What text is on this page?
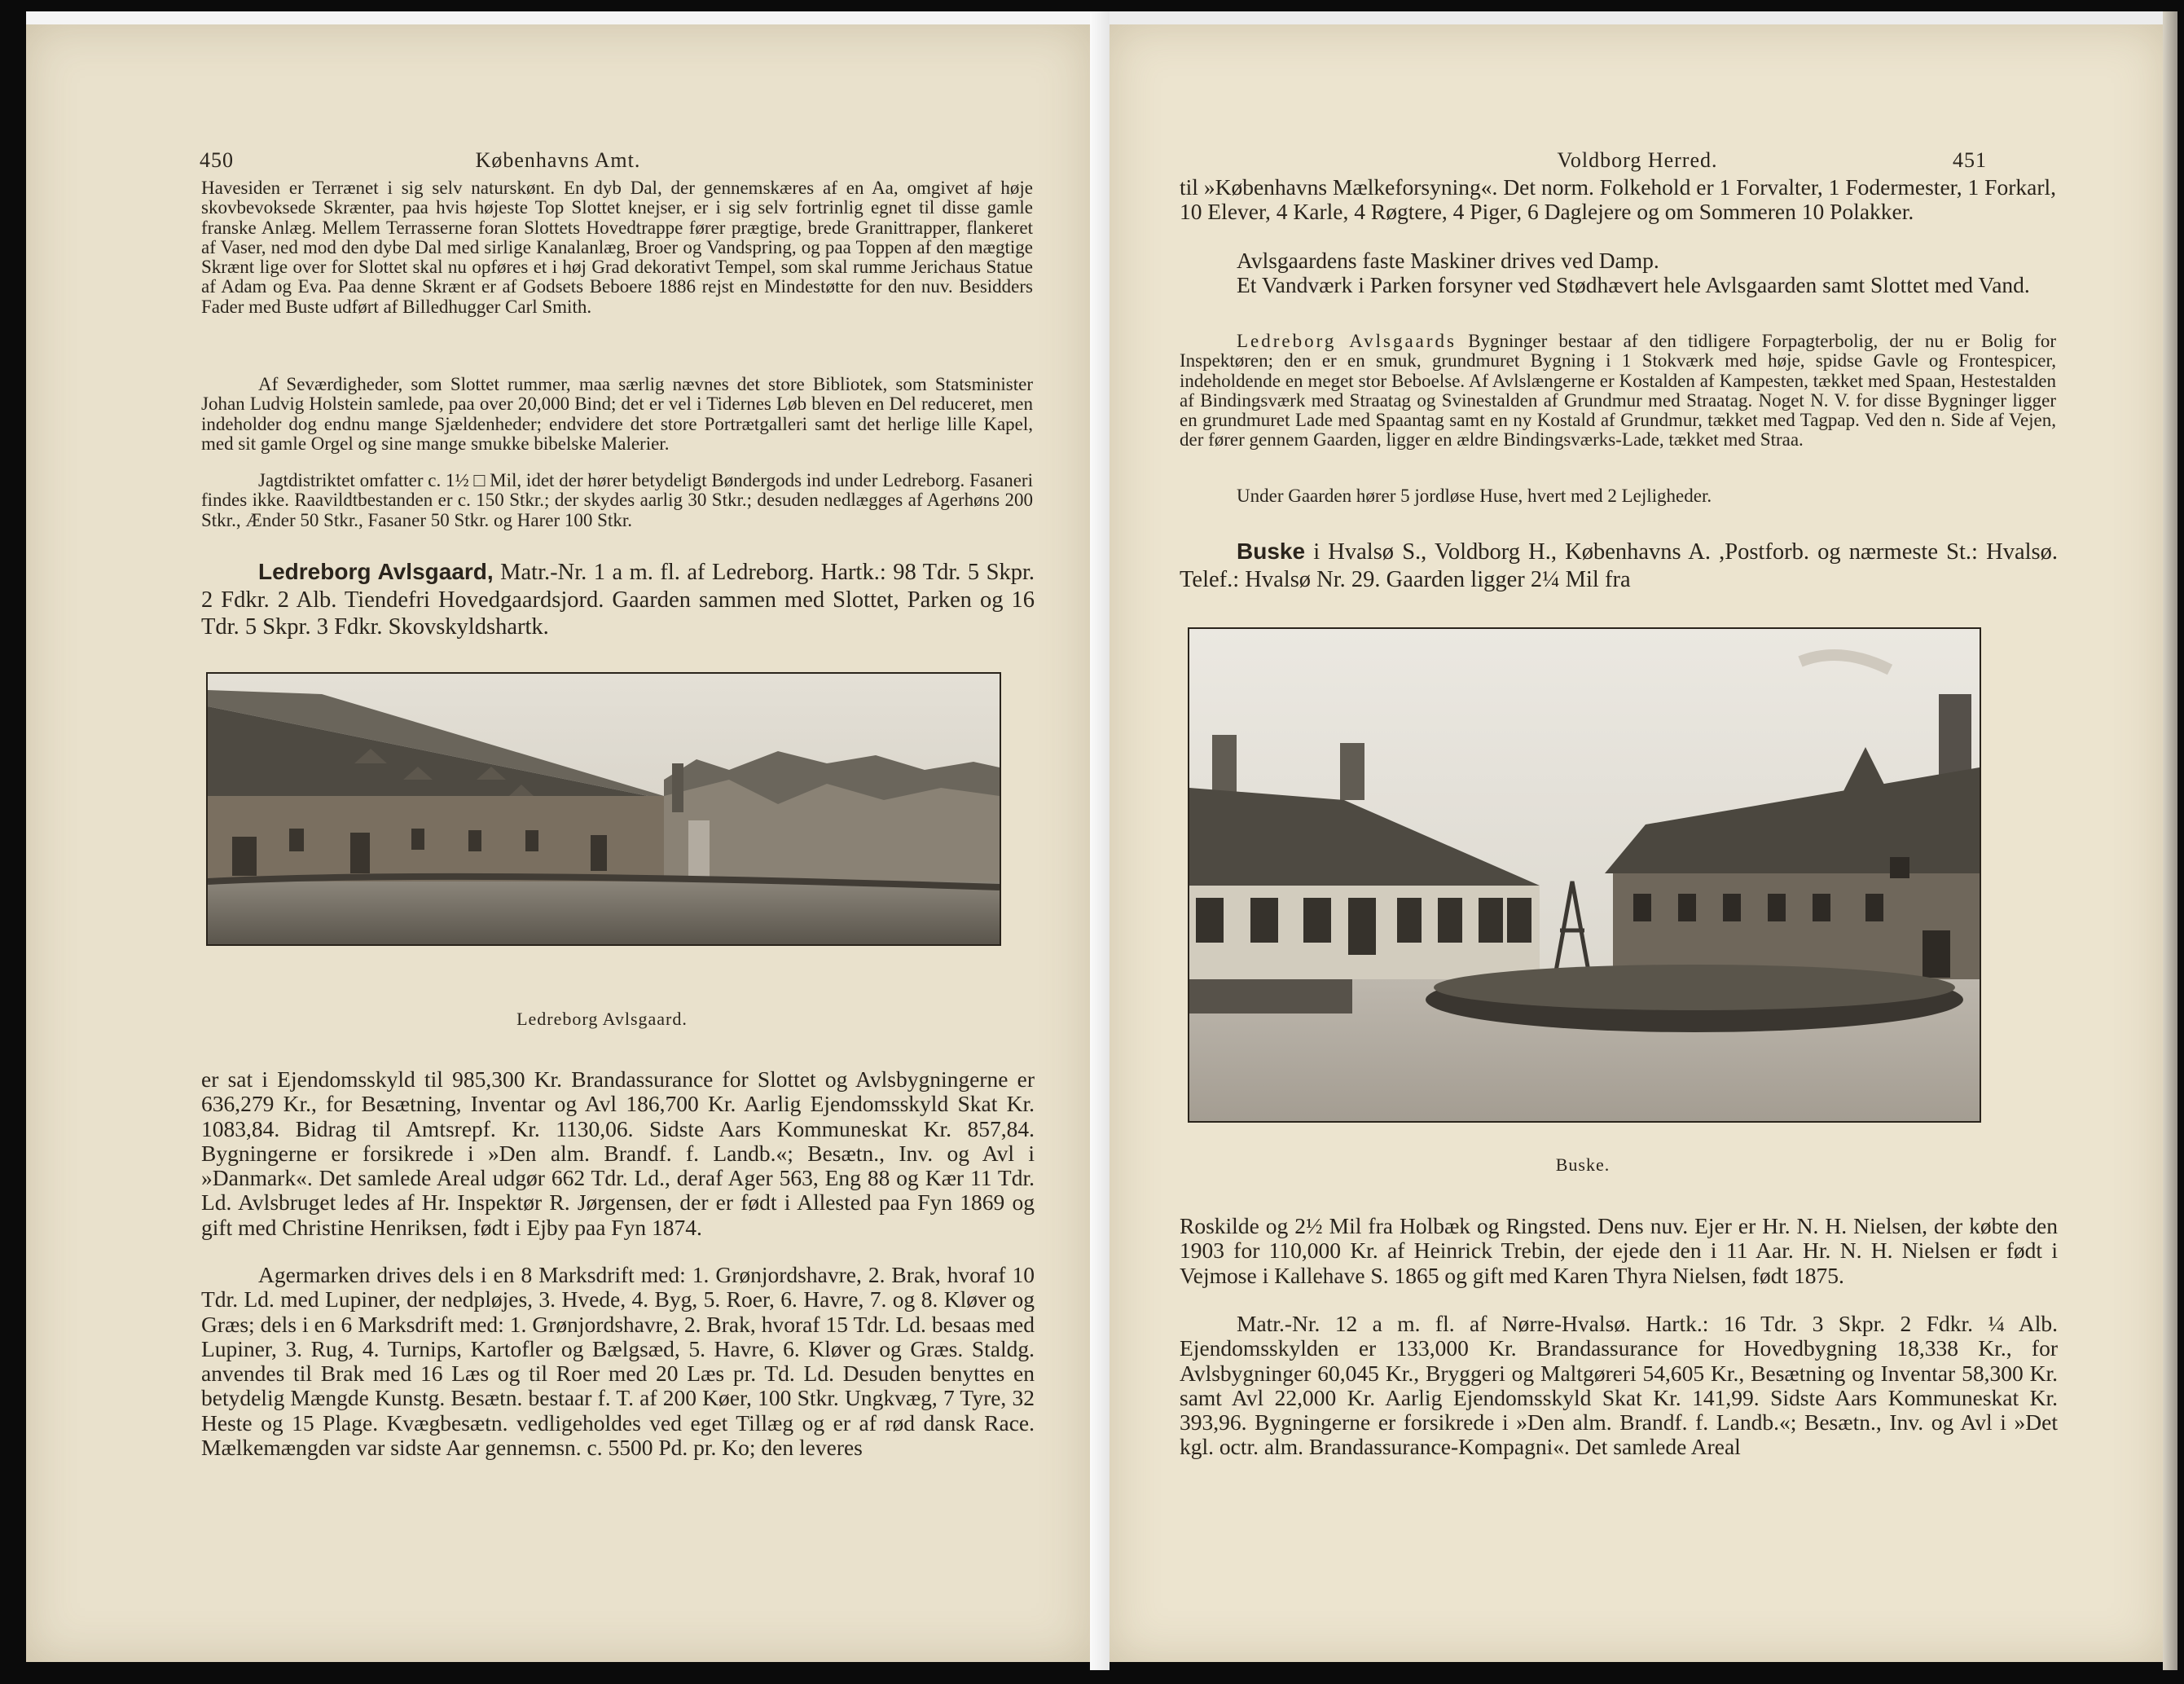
450	Københavns Amt.

Havesiden er Terrænet i sig selv naturskønt. En dyb Dal, der gennemskæres af en Aa, omgivet af høje skovbevoksede Skrænter, paa hvis højeste Top Slottet knejser, er i sig selv fortrinlig egnet til disse gamle franske Anlæg. Mellem Terrasserne foran Slottets Hovedtrappe fører prægtige, brede Granittrapper, flankeret af Vaser, ned mod den dybe Dal med sirlige Kanalanlæg, Broer og Vandspring, og paa Toppen af den mægtige Skrænt lige over for Slottet skal nu opføres et i høj Grad dekorativt Tempel, som skal rumme Jerichaus Statue af Adam og Eva. Paa denne Skrænt er af Godsets Beboere 1886 rejst en Mindestøtte for den nuv. Besidders Fader med Buste udført af Billedhugger Carl Smith.

Af Seværdigheder, som Slottet rummer, maa særlig nævnes det store Bibliotek, som Statsminister Johan Ludvig Holstein samlede, paa over 20,000 Bind; det er vel i Tidernes Løb bleven en Del reduceret, men indeholder dog endnu mange Sjældenheder; endvidere det store Portrætgalleri samt det herlige lille Kapel, med sit gamle Orgel og sine mange smukke bibelske Malerier.

Jagtdistriktet omfatter c. 1½ □ Mil, idet der hører betydeligt Bøndergods ind under Ledreborg. Fasaneri findes ikke. Raavildtbestanden er c. 150 Stkr.; der skydes aarlig 30 Stkr.; desuden nedlægges af Agerhøns 200 Stkr., Ænder 50 Stkr., Fasaner 50 Stkr. og Harer 100 Stkr.

Ledreborg Avlsgaard, Matr.-Nr. 1 a m. fl. af Ledreborg. Hartk.: 98 Tdr. 5 Skpr. 2 Fdkr. 2 Alb. Tiendefri Hovedgaardsjord. Gaarden sammen med Slottet, Parken og 16 Tdr. 5 Skpr. 3 Fdkr. Skovskyldshartk.

Ledreborg Avlsgaard.

er sat i Ejendomsskyld til 985,300 Kr. Brandassurance for Slottet og Avlsbygningerne er 636,279 Kr., for Besætning, Inventar og Avl 186,700 Kr. Aarlig Ejendomsskyld Skat Kr. 1083,84. Bidrag til Amtsrepf. Kr. 1130,06. Sidste Aars Kommuneskat Kr. 857,84. Bygningerne er forsikrede i »Den alm. Brandf. f. Landb.«; Besætn., Inv. og Avl i »Danmark«. Det samlede Areal udgør 662 Tdr. Ld., deraf Ager 563, Eng 88 og Kær 11 Tdr. Ld. Avlsbruget ledes af Hr. Inspektør R. Jørgensen, der er født i Allested paa Fyn 1869 og gift med Christine Henriksen, født i Ejby paa Fyn 1874.

Agermarken drives dels i en 8 Marksdrift med: 1. Grønjordshavre, 2. Brak, hvoraf 10 Tdr. Ld. med Lupiner, der nedpløjes, 3. Hvede, 4. Byg, 5. Roer, 6. Havre, 7. og 8. Kløver og Græs; dels i en 6 Marksdrift med: 1. Grønjordshavre, 2. Brak, hvoraf 15 Tdr. Ld. besaas med Lupiner, 3. Rug, 4. Turnips, Kartofler og Bælgsæd, 5. Havre, 6. Kløver og Græs. Staldg. anvendes til Brak med 16 Læs og til Roer med 20 Læs pr. Td. Ld. Desuden benyttes en betydelig Mængde Kunstg. Besætn. bestaar f. T. af 200 Køer, 100 Stkr. Ungkvæg, 7 Tyre, 32 Heste og 15 Plage. Kvægbesætn. vedligeholdes ved eget Tillæg og er af rød dansk Race. Mælkemængden var sidste Aar gennemsn. c. 5500 Pd. pr. Ko; den leveres

Voldborg Herred.	451

til »Københavns Mælkeforsyning«. Det norm. Folkehold er 1 Forvalter, 1 Fodermester, 1 Forkarl, 10 Elever, 4 Karle, 4 Røgtere, 4 Piger, 6 Daglejere og om Sommeren 10 Polakker.

Avlsgaardens faste Maskiner drives ved Damp.

Et Vandværk i Parken forsyner ved Stødhævert hele Avlsgaarden samt Slottet med Vand.

Ledreborg Avlsgaards Bygninger bestaar af den tidligere Forpagterbolig, der nu er Bolig for Inspektøren; den er en smuk, grundmuret Bygning i 1 Stokværk med høje, spidse Gavle og Frontespicer, indeholdende en meget stor Beboelse. Af Avlslængerne er Kostalden af Kampesten, tækket med Spaan, Hestestalden af Bindingsværk med Straatag og Svinestalden af Grundmur med Straatag. Noget N. V. for disse Bygninger ligger en grundmuret Lade med Spaantag samt en ny Kostald af Grundmur, tækket med Tagpap. Ved den n. Side af Vejen, der fører gennem Gaarden, ligger en ældre Bindingsværks-Lade, tækket med Straa.

Under Gaarden hører 5 jordløse Huse, hvert med 2 Lejligheder.

Buske i Hvalsø S., Voldborg H., Københavns A. ,Postforb. og nærmeste St.: Hvalsø. Telef.: Hvalsø Nr. 29. Gaarden ligger 2¼ Mil fra

Buske.

Roskilde og 2½ Mil fra Holbæk og Ringsted. Dens nuv. Ejer er Hr. N. H. Nielsen, der købte den 1903 for 110,000 Kr. af Heinrick Trebin, der ejede den i 11 Aar. Hr. N. H. Nielsen er født i Vejmose i Kallehave S. 1865 og gift med Karen Thyra Nielsen, født 1875.

Matr.-Nr. 12 a m. fl. af Nørre-Hvalsø. Hartk.: 16 Tdr. 3 Skpr. 2 Fdkr. ¼ Alb. Ejendomsskylden er 133,000 Kr. Brandassurance for Hovedbygning 18,338 Kr., for Avlsbygninger 60,045 Kr., Bryggeri og Maltgøreri 54,605 Kr., Besætning og Inventar 58,300 Kr. samt Avl 22,000 Kr. Aarlig Ejendomsskyld Skat Kr. 141,99. Sidste Aars Kommuneskat Kr. 393,96. Bygningerne er forsikrede i »Den alm. Brandf. f. Landb.«; Besætn., Inv. og Avl i »Det kgl. octr. alm. Brandassurance-Kompagni«. Det samlede Areal
